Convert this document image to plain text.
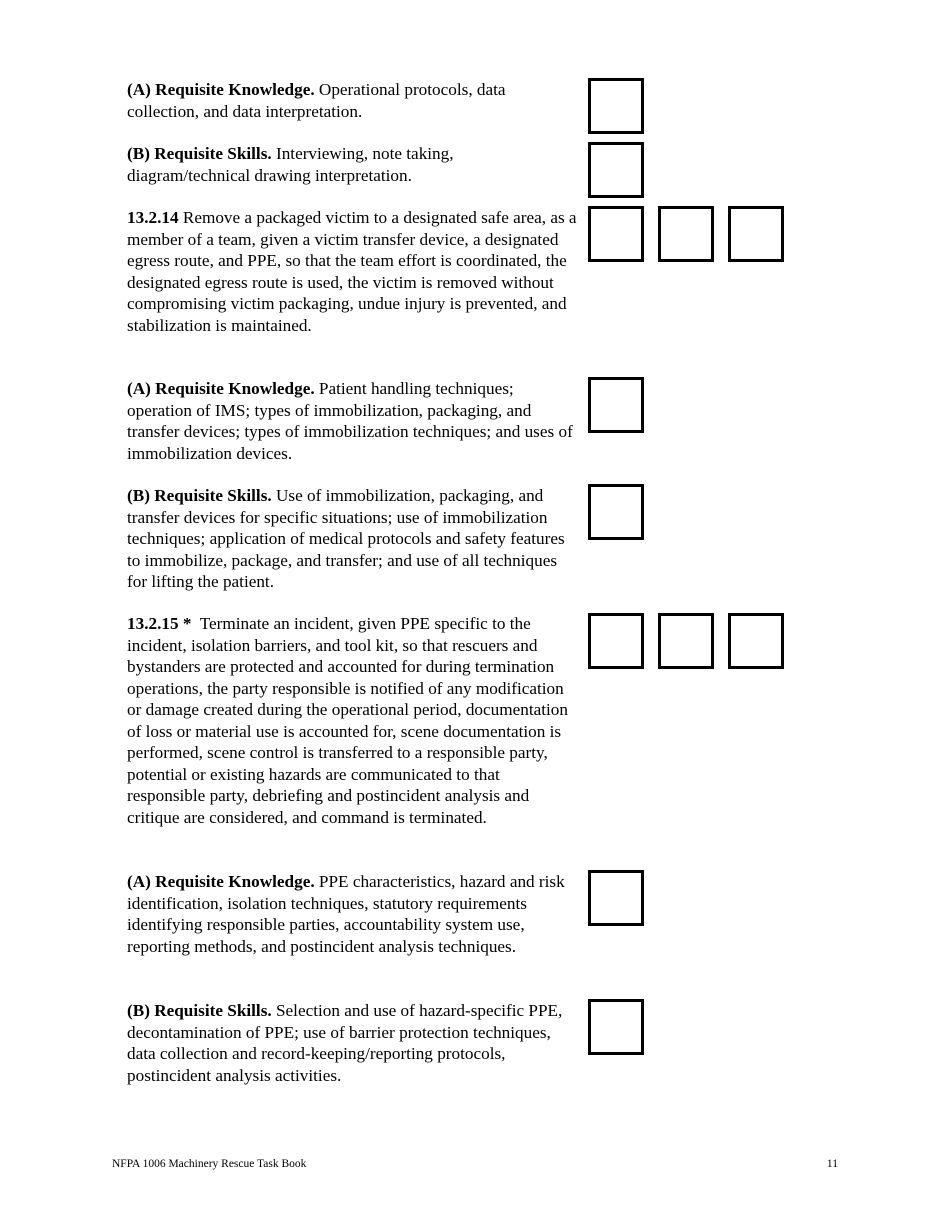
(A) Requisite Knowledge. Operational protocols, data collection, and data interpretation.

(B) Requisite Skills. Interviewing, note taking, diagram/technical drawing interpretation.

13.2.14 Remove a packaged victim to a designated safe area, as a member of a team, given a victim transfer device, a designated egress route, and PPE, so that the team effort is coordinated, the designated egress route is used, the victim is removed without compromising victim packaging, undue injury is prevented, and stabilization is maintained.

(A) Requisite Knowledge. Patient handling techniques; operation of IMS; types of immobilization, packaging, and transfer devices; types of immobilization techniques; and uses of immobilization devices.

(B) Requisite Skills. Use of immobilization, packaging, and transfer devices for specific situations; use of immobilization techniques; application of medical protocols and safety features to immobilize, package, and transfer; and use of all techniques for lifting the patient.

13.2.15 *  Terminate an incident, given PPE specific to the incident, isolation barriers, and tool kit, so that rescuers and bystanders are protected and accounted for during termination operations, the party responsible is notified of any modification or damage created during the operational period, documentation of loss or material use is accounted for, scene documentation is performed, scene control is transferred to a responsible party, potential or existing hazards are communicated to that responsible party, debriefing and postincident analysis and critique are considered, and command is terminated.

(A) Requisite Knowledge. PPE characteristics, hazard and risk identification, isolation techniques, statutory requirements identifying responsible parties, accountability system use, reporting methods, and postincident analysis techniques.

(B) Requisite Skills. Selection and use of hazard-specific PPE, decontamination of PPE; use of barrier protection techniques, data collection and record-keeping/reporting protocols, postincident analysis activities.

NFPA 1006 Machinery Rescue Task Book	11
